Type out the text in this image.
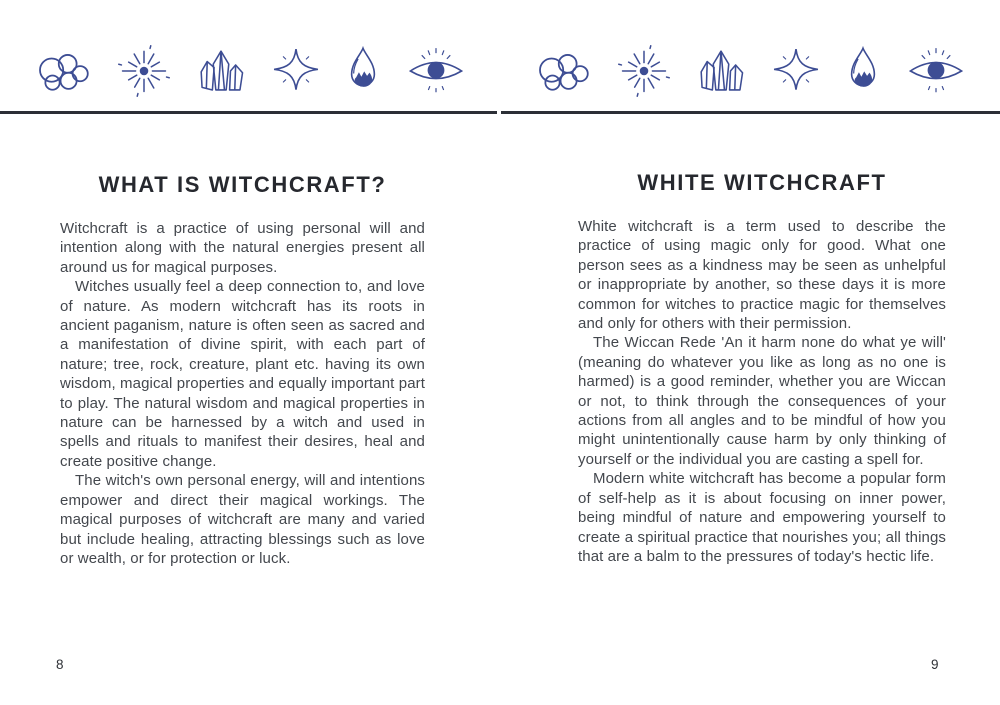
WHAT IS WITCHCRAFT?

Witchcraft is a practice of using personal will and intention along with the natural energies present all around us for magical purposes.

Witches usually feel a deep connection to, and love of nature. As modern witchcraft has its roots in ancient paganism, nature is often seen as sacred and a manifestation of divine spirit, with each part of nature; tree, rock, creature, plant etc. having its own wisdom, magical properties and equally important part to play. The natural wisdom and magical properties in nature can be harnessed by a witch and used in spells and rituals to manifest their desires, heal and create positive change.

The witch's own personal energy, will and intentions empower and direct their magical workings. The magical purposes of witchcraft are many and varied but include healing, attracting blessings such as love or wealth, or for protection or luck.

WHITE WITCHCRAFT

White witchcraft is a term used to describe the practice of using magic only for good. What one person sees as a kindness may be seen as unhelpful or inappropriate by another, so these days it is more common for witches to practice magic for themselves and only for others with their permission.

The Wiccan Rede 'An it harm none do what ye will' (meaning do whatever you like as long as no one is harmed) is a good reminder, whether you are Wiccan or not, to think through the consequences of your actions from all angles and to be mindful of how you might unintentionally cause harm by only thinking of yourself or the individual you are casting a spell for.

Modern white witchcraft has become a popular form of self-help as it is about focusing on inner power, being mindful of nature and empowering yourself to create a spiritual practice that nourishes you; all things that are a balm to the pressures of today's hectic life.

8	9
